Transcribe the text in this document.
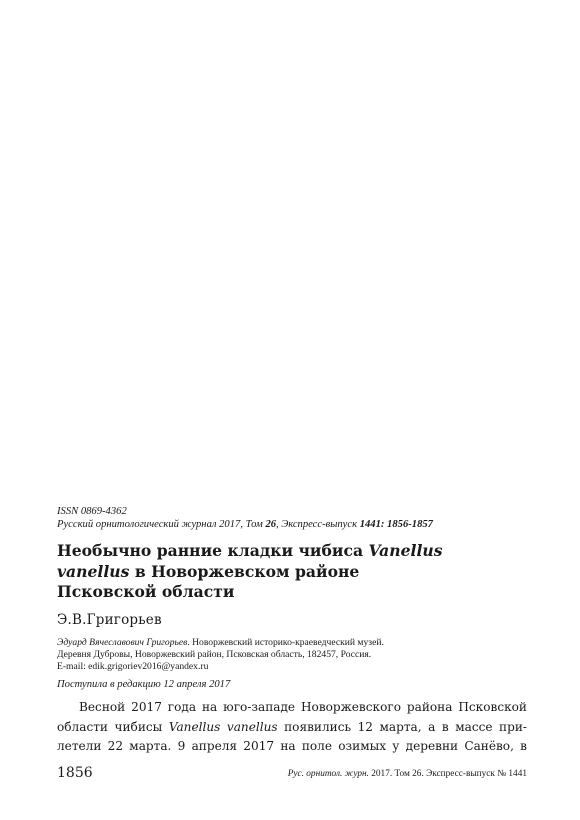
ISSN 0869-4362
Русский орнитологический журнал 2017, Том 26, Экспресс-выпуск 1441: 1856-1857
Необычно ранние кладки чибиса Vanellus
vanellus в Новоржевском районе
Псковской области
Э.В.Григорьев
Эдуард Вячеславович Григорьев. Новоржевский историко-краеведческий музей.
Деревня Дубровы, Новоржевский район, Псковская область, 182457, Россия.
E-mail: edik.grigoriev2016@yandex.ru
Поступила в редакцию 12 апреля 2017
Весной 2017 года на юго-западе Новоржевского района Псковской
области чибисы Vanellus vanellus появились 12 марта, а в массе при-
летели 22 марта. 9 апреля 2017 на поле озимых у деревни Санёво, в
1856	Рус. орнитол. журн. 2017. Том 26. Экспресс-выпуск № 1441
